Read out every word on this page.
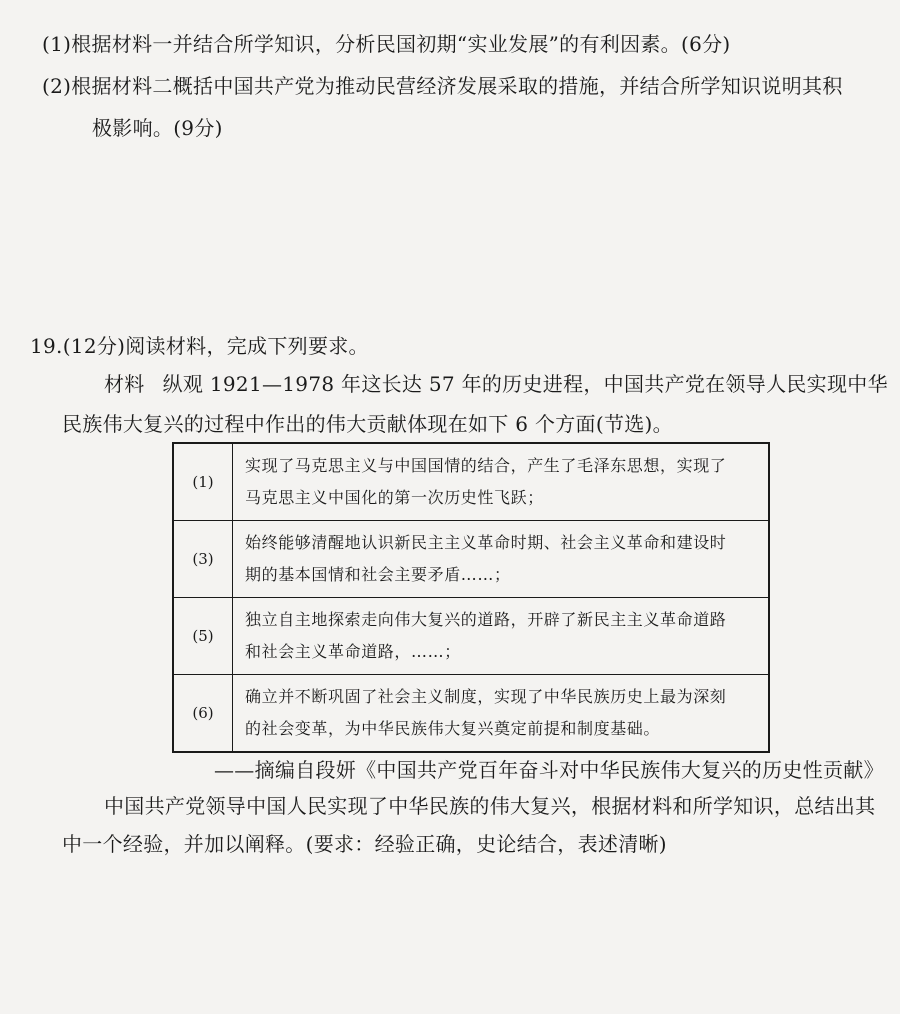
(1)根据材料一并结合所学知识，分析民国初期“实业发展”的有利因素。(6分)
(2)根据材料二概括中国共产党为推动民营经济发展采取的措施，并结合所学知识说明其积
极影响。(9分)
19.(12分)阅读材料，完成下列要求。
材料 纵观 1921—1978 年这长达 57 年的历史进程，中国共产党在领导人民实现中华
民族伟大复兴的过程中作出的伟大贡献体现在如下 6 个方面(节选)。
(1)	实现了马克思主义与中国国情的结合，产生了毛泽东思想，实现了
马克思主义中国化的第一次历史性飞跃；

(3)	始终能够清醒地认识新民主主义革命时期、社会主义革命和建设时
期的基本国情和社会主要矛盾……；

(5)	独立自主地探索走向伟大复兴的道路，开辟了新民主主义革命道路
和社会主义革命道路，……；

(6)	确立并不断巩固了社会主义制度，实现了中华民族历史上最为深刻
的社会变革，为中华民族伟大复兴奠定前提和制度基础。
——摘编自段妍《中国共产党百年奋斗对中华民族伟大复兴的历史性贡献》
中国共产党领导中国人民实现了中华民族的伟大复兴，根据材料和所学知识，总结出其
中一个经验，并加以阐释。(要求：经验正确，史论结合，表述清晰)
